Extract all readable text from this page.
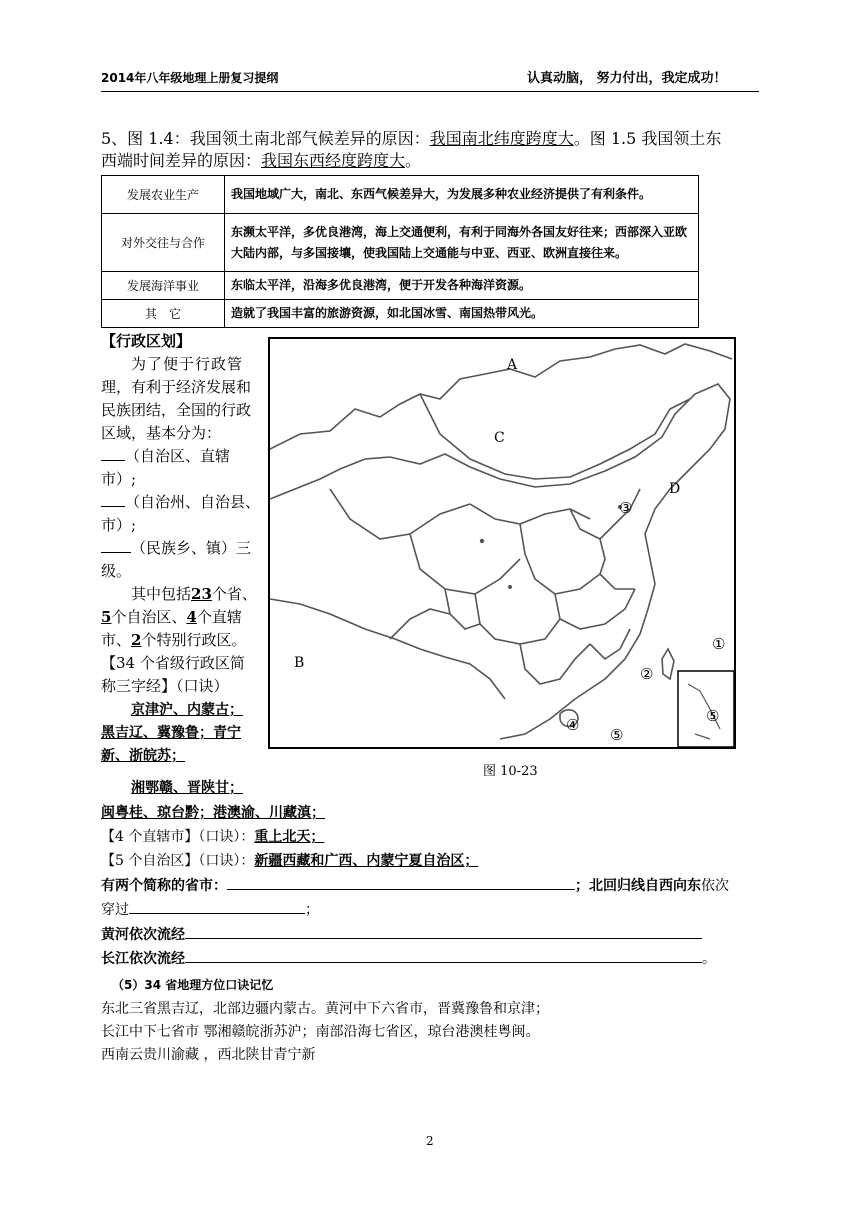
2014年八年级地理上册复习提纲	认真动脑， 努力付出，我定成功！
5、图 1.4：我国领土南北部气候差异的原因：我国南北纬度跨度大。图 1.5 我国领土东
西端时间差异的原因：我国东西经度跨度大。
发展农业生产	我国地域广大，南北、东西气候差异大，为发展多种农业经济提供了有利条件。
对外交往与合作	东濒太平洋，多优良港湾，海上交通便利，有利于同海外各国友好往来；西部深入亚欧大陆内部，与多国接壤，使我国陆上交通能与中亚、西亚、欧洲直接往来。
发展海洋事业	东临太平洋，沿海多优良港湾，便于开发各种海洋资源。
其　它	造就了我国丰富的旅游资源，如北国冰雪、南国热带风光。
【行政区划】
为了便于行政管
理，有利于经济发展和
民族团结，全国的行政
区域，基本分为：
（自治区、直辖市）;
（自治州、自治县、
市）;
（民族乡、镇）三
级。
其中包括23个省、
5个自治区、4个直辖
市、2个特别行政区。
【34 个省级行政区简
称三字经】（口诀）
京津沪、内蒙古；
黑吉辽、冀豫鲁；青宁
新、浙皖苏；
A
C
D
B
③
①
②
④
⑤
⑤
图 10-23
湘鄂赣、晋陕甘；
闽粤桂、琼台黔；港澳渝、川藏滇；
【4 个直辖市】（口诀）：重上北天；
【5 个自治区】（口诀）：新疆西藏和广西、内蒙宁夏自治区；
有两个简称的省市：	；北回归线自西向东依次
穿过	；
黄河依次流经
长江依次流经	。
（5）34 省地理方位口诀记忆
东北三省黑吉辽，北部边疆内蒙古。黄河中下六省市，晋冀豫鲁和京津；
长江中下七省市 鄂湘赣皖浙苏沪；南部沿海七省区，琼台港澳桂粤闽。
西南云贵川渝藏 ，西北陕甘青宁新
2
